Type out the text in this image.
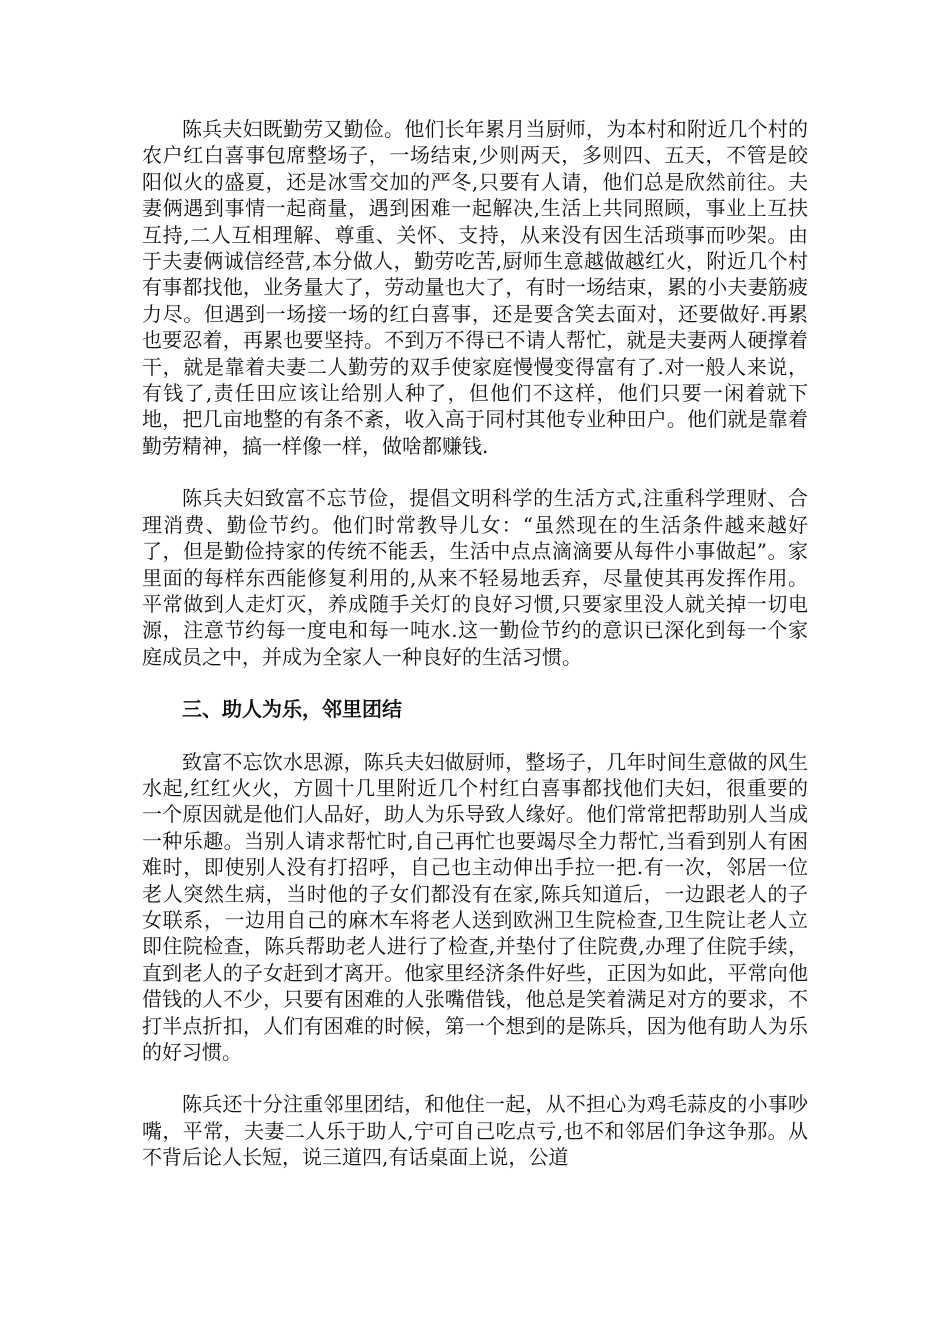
陈兵夫妇既勤劳又勤俭。他们长年累月当厨师，为本村和附近几个村的农户红白喜事包席整场子，一场结束,少则两天，多则四、五天，不管是皎阳似火的盛夏，还是冰雪交加的严冬,只要有人请，他们总是欣然前往。夫妻俩遇到事情一起商量，遇到困难一起解决,生活上共同照顾，事业上互扶互持,二人互相理解、尊重、关怀、支持，从来没有因生活琐事而吵架。由于夫妻俩诚信经营,本分做人，勤劳吃苦,厨师生意越做越红火，附近几个村有事都找他，业务量大了，劳动量也大了，有时一场结束，累的小夫妻筋疲力尽。但遇到一场接一场的红白喜事，还是要含笑去面对，还要做好.再累也要忍着，再累也要坚持。不到万不得已不请人帮忙，就是夫妻两人硬撑着干，就是靠着夫妻二人勤劳的双手使家庭慢慢变得富有了.对一般人来说，有钱了,责任田应该让给别人种了，但他们不这样，他们只要一闲着就下地，把几亩地整的有条不紊，收入高于同村其他专业种田户。他们就是靠着勤劳精神，搞一样像一样，做啥都赚钱.

陈兵夫妇致富不忘节俭，提倡文明科学的生活方式,注重科学理财、合理消费、勤俭节约。他们时常教导儿女：“虽然现在的生活条件越来越好了，但是勤俭持家的传统不能丢，生活中点点滴滴要从每件小事做起”。家里面的每样东西能修复利用的,从来不轻易地丢弃，尽量使其再发挥作用。平常做到人走灯灭，养成随手关灯的良好习惯,只要家里没人就关掉一切电源，注意节约每一度电和每一吨水.这一勤俭节约的意识已深化到每一个家庭成员之中，并成为全家人一种良好的生活习惯。

三、助人为乐，邻里团结

致富不忘饮水思源，陈兵夫妇做厨师，整场子，几年时间生意做的风生水起,红红火火，方圆十几里附近几个村红白喜事都找他们夫妇，很重要的一个原因就是他们人品好，助人为乐导致人缘好。他们常常把帮助别人当成一种乐趣。当别人请求帮忙时,自己再忙也要竭尽全力帮忙,当看到别人有困难时，即使别人没有打招呼，自己也主动伸出手拉一把.有一次，邻居一位老人突然生病，当时他的子女们都没有在家,陈兵知道后，一边跟老人的子女联系，一边用自己的麻木车将老人送到欧洲卫生院检查,卫生院让老人立即住院检查，陈兵帮助老人进行了检查,并垫付了住院费,办理了住院手续，直到老人的子女赶到才离开。他家里经济条件好些，正因为如此，平常向他借钱的人不少，只要有困难的人张嘴借钱，他总是笑着满足对方的要求，不打半点折扣，人们有困难的时候，第一个想到的是陈兵，因为他有助人为乐的好习惯。

陈兵还十分注重邻里团结，和他住一起，从不担心为鸡毛蒜皮的小事吵嘴，平常，夫妻二人乐于助人,宁可自己吃点亏,也不和邻居们争这争那。从不背后论人长短，说三道四,有话桌面上说，公道
